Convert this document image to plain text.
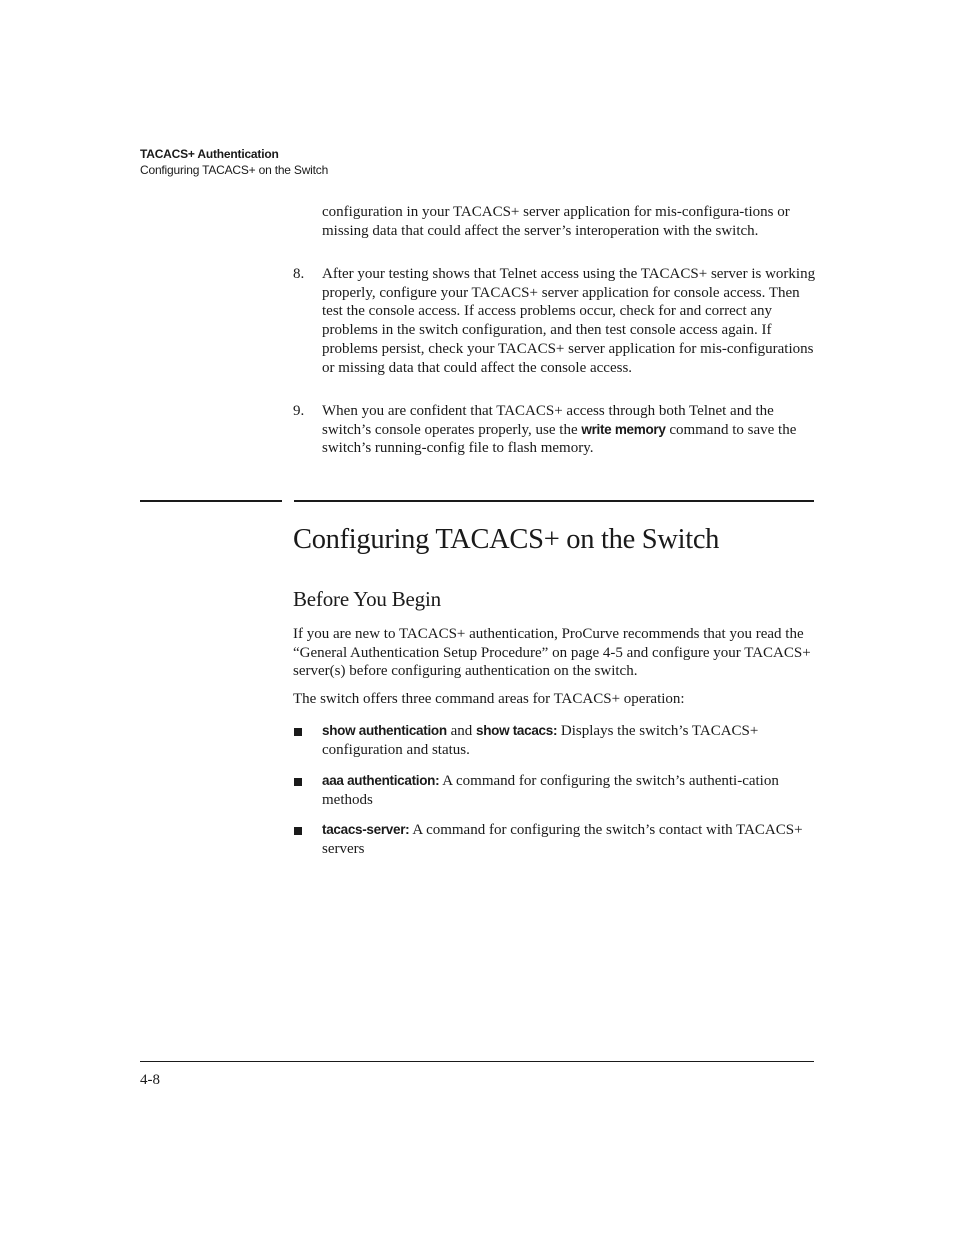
TACACS+ Authentication
Configuring TACACS+ on the Switch
configuration in your TACACS+ server application for mis-configura-tions or missing data that could affect the server’s interoperation with the switch.
8.	After your testing shows that Telnet access using the TACACS+ server is working properly, configure your TACACS+ server application for console access. Then test the console access. If access problems occur, check for and correct any problems in the switch configuration, and then test console access again. If problems persist, check your TACACS+ server application for mis-configurations or missing data that could affect the console access.
9.	When you are confident that TACACS+ access through both Telnet and the switch’s console operates properly, use the write memory command to save the switch’s running-config file to flash memory.
Configuring TACACS+ on the Switch
Before You Begin
If you are new to TACACS+ authentication, ProCurve recommends that you read the “General Authentication Setup Procedure” on page 4-5 and configure your TACACS+ server(s) before configuring authentication on the switch.
The switch offers three command areas for TACACS+ operation:
show authentication and show tacacs: Displays the switch’s TACACS+ configuration and status.
aaa authentication: A command for configuring the switch’s authenti-cation methods
tacacs-server: A command for configuring the switch’s contact with TACACS+ servers
4-8
